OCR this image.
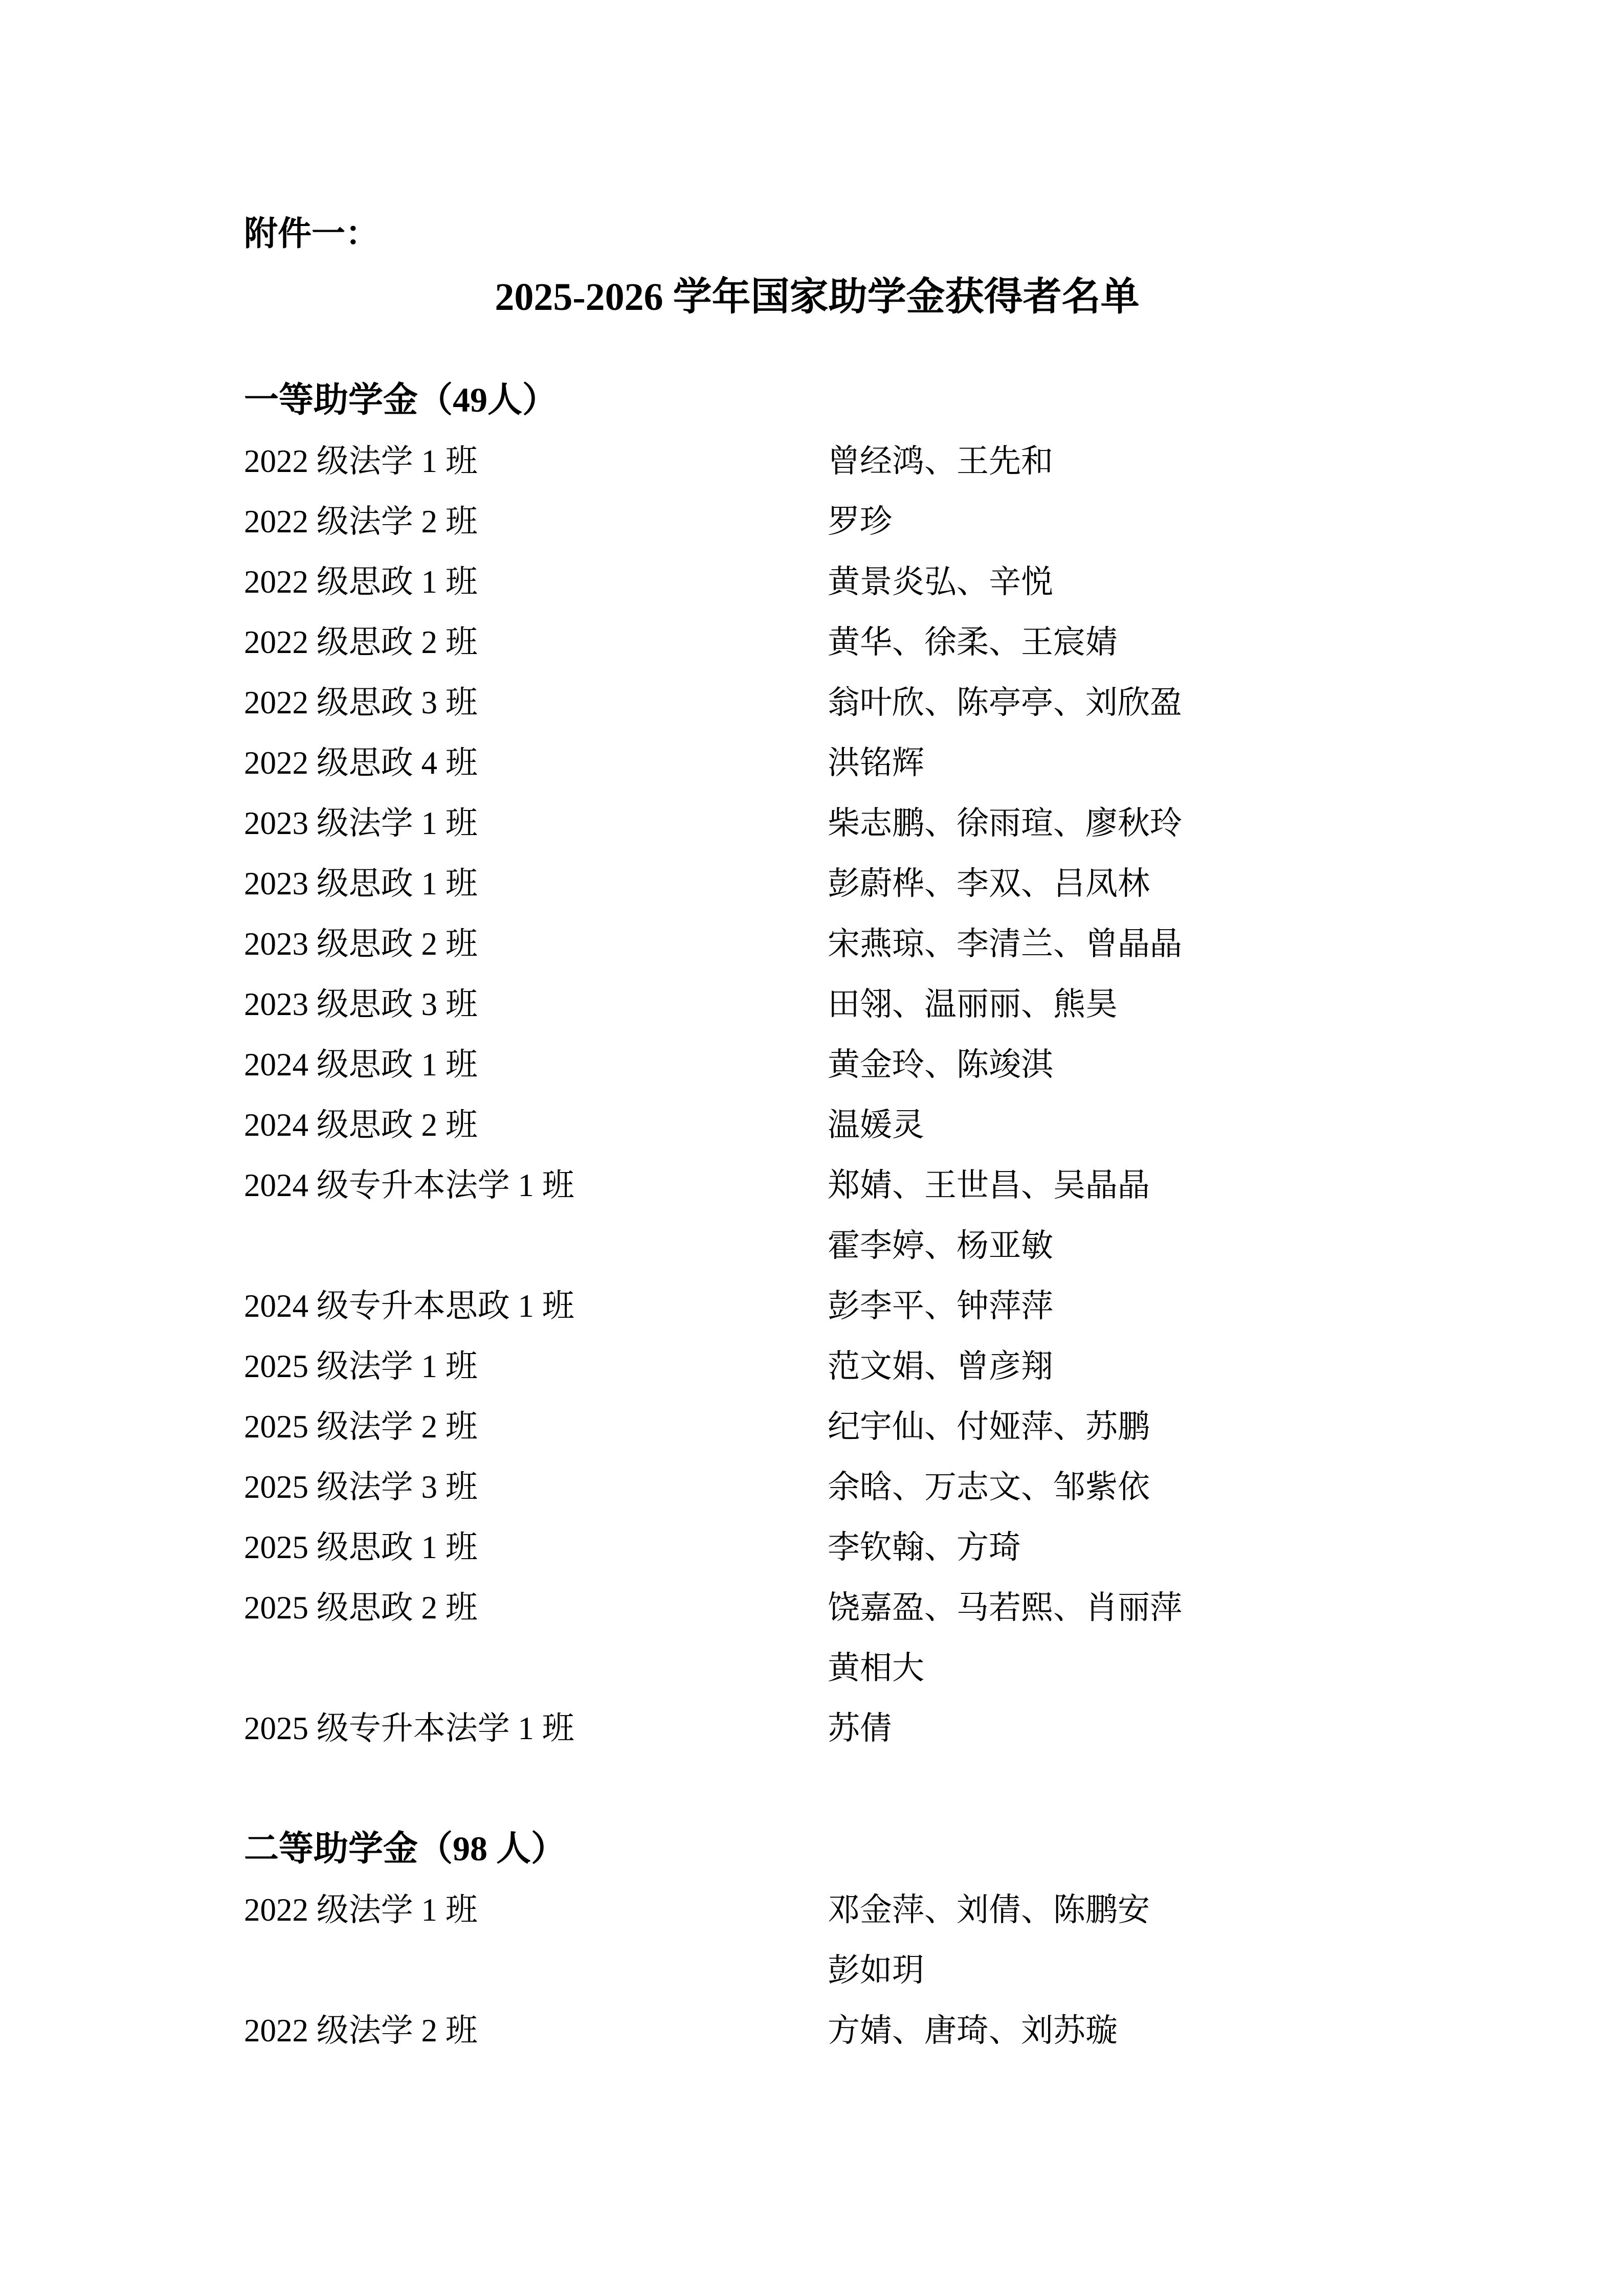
附件一：
2025-2026 学年国家助学金获得者名单
一等助学金（49人）
2022 级法学 1 班	曾经鸿、王先和
2022 级法学 2 班	罗珍
2022 级思政 1 班	黄景炎弘、辛悦
2022 级思政 2 班	黄华、徐柔、王宸婧
2022 级思政 3 班	翁叶欣、陈亭亭、刘欣盈
2022 级思政 4 班	洪铭辉
2023 级法学 1 班	柴志鹏、徐雨瑄、廖秋玲
2023 级思政 1 班	彭蔚桦、李双、吕凤林
2023 级思政 2 班	宋燕琼、李清兰、曾晶晶
2023 级思政 3 班	田翎、温丽丽、熊昊
2024 级思政 1 班	黄金玲、陈竣淇
2024 级思政 2 班	温媛灵
2024 级专升本法学 1 班	郑婧、王世昌、吴晶晶
霍李婷、杨亚敏
2024 级专升本思政 1 班	彭李平、钟萍萍
2025 级法学 1 班	范文娟、曾彦翔
2025 级法学 2 班	纪宇仙、付娅萍、苏鹏
2025 级法学 3 班	余晗、万志文、邹紫依
2025 级思政 1 班	李钦翰、方琦
2025 级思政 2 班	饶嘉盈、马若熙、肖丽萍
黄相大
2025 级专升本法学 1 班	苏倩
二等助学金（98 人）
2022 级法学 1 班	邓金萍、刘倩、陈鹏安
彭如玥
2022 级法学 2 班	方婧、唐琦、刘苏璇
